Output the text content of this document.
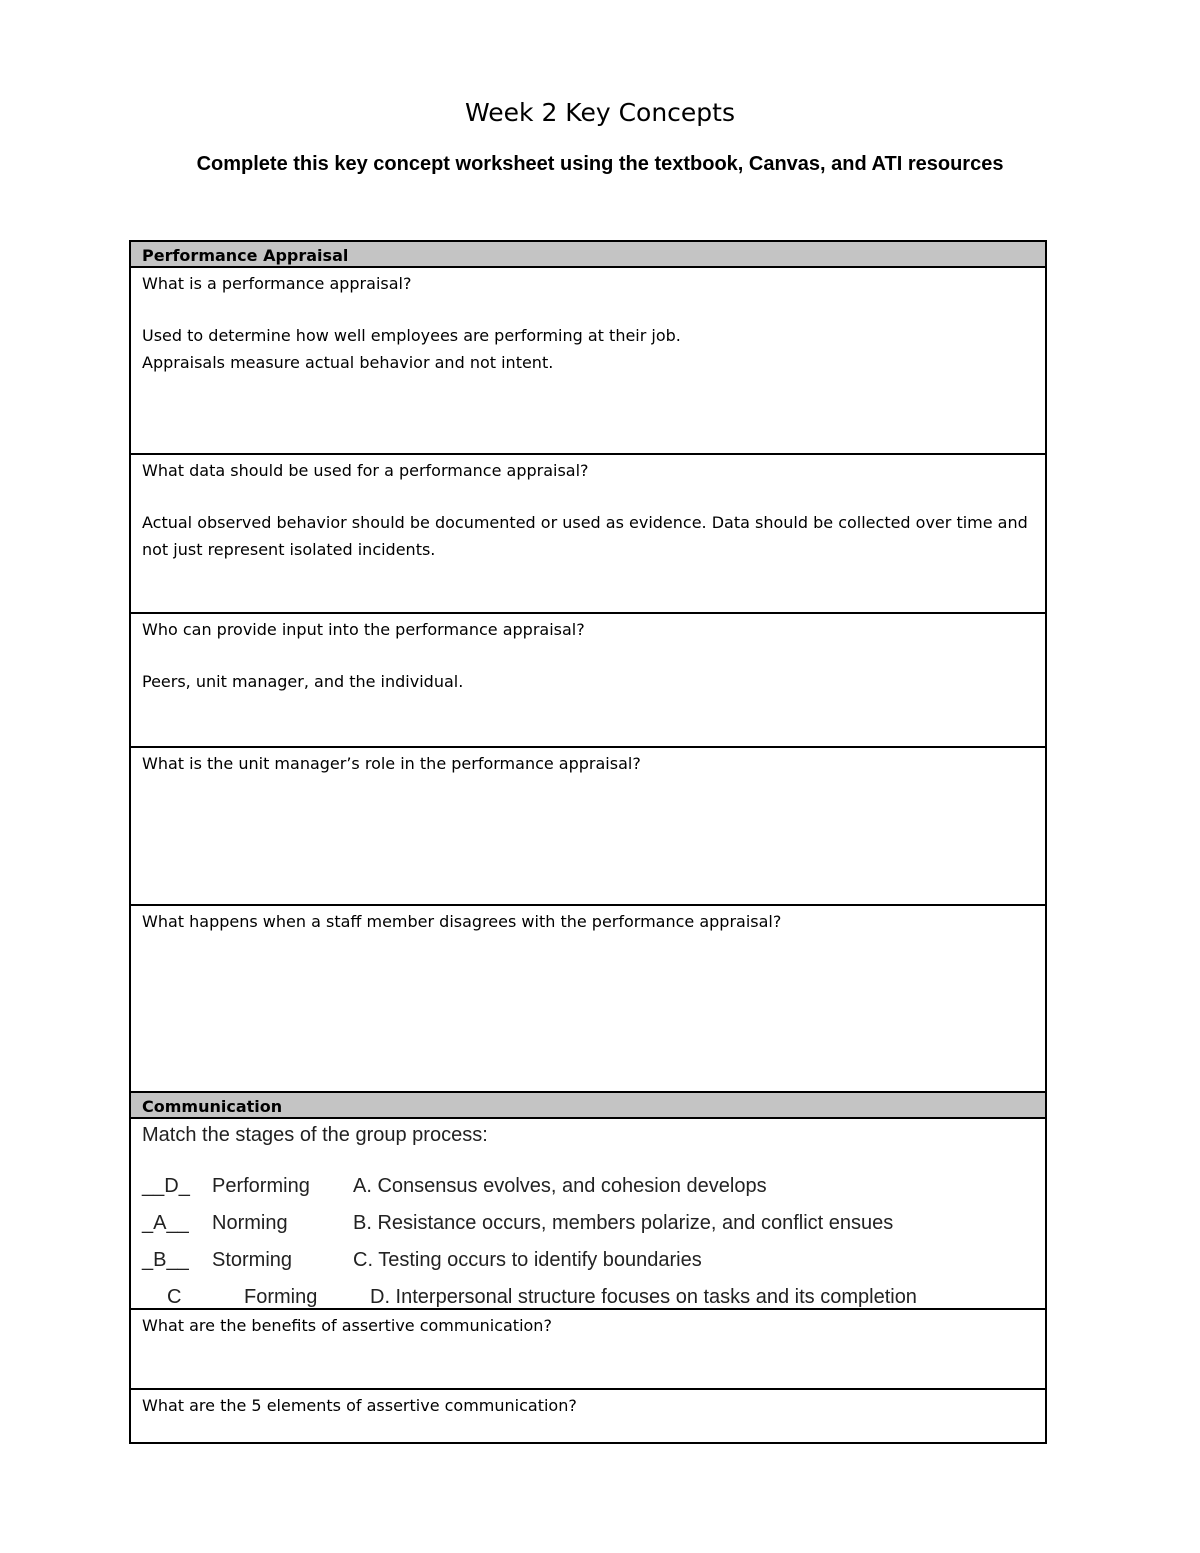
Week 2 Key Concepts
Complete this key concept worksheet using the textbook, Canvas, and ATI resources
Performance Appraisal
What is a performance appraisal?
Used to determine how well employees are performing at their job.
Appraisals measure actual behavior and not intent.
What data should be used for a performance appraisal?
Actual observed behavior should be documented or used as evidence. Data should be collected over time and not just represent isolated incidents.
Who can provide input into the performance appraisal?
Peers, unit manager, and the individual.
What is the unit manager’s role in the performance appraisal?
What happens when a staff member disagrees with the performance appraisal?
Communication
Match the stages of the group process:
__D_	Performing	A. Consensus evolves, and cohesion develops
_A__	Norming	B. Resistance occurs, members polarize, and conflict ensues
_B__	Storming	C. Testing occurs to identify boundaries
C	Forming	D. Interpersonal structure focuses on tasks and its completion
What are the benefits of assertive communication?
What are the 5 elements of assertive communication?
